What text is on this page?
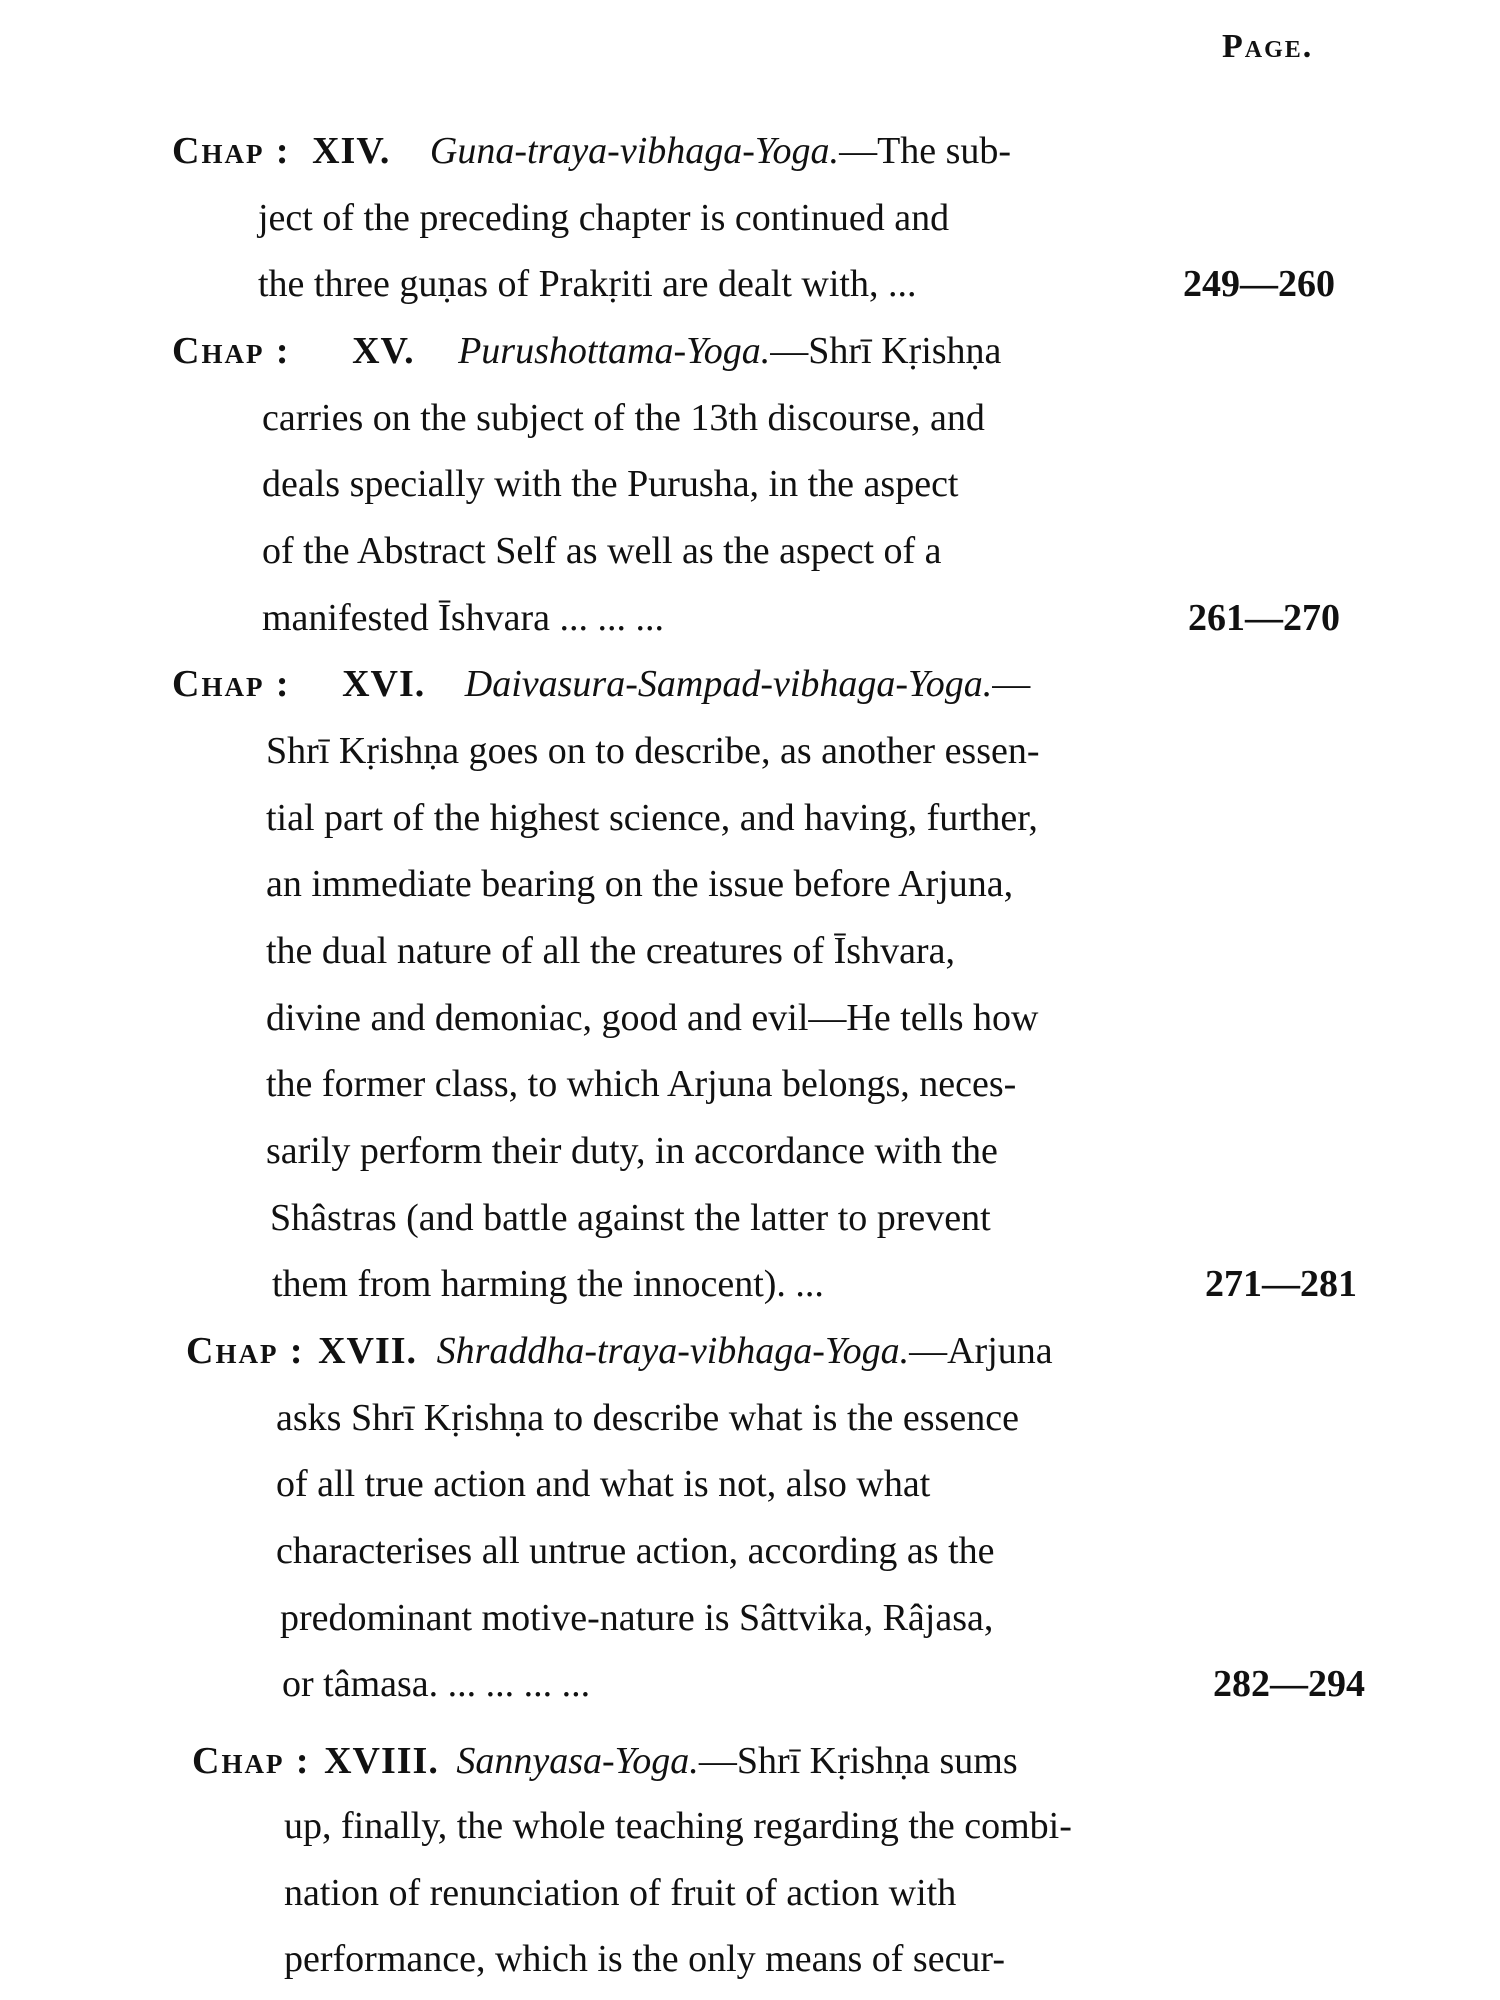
Page.
Chap : XIV. Guna-traya-vibhaga-Yoga.—The sub-
ject of the preceding chapter is continued and
the three guṇas of Prakṛiti are dealt with, ...	249—260
Chap : XV. Purushottama-Yoga.—Shrī Kṛishṇa
carries on the subject of the 13th discourse, and
deals specially with the Purusha, in the aspect
of the Abstract Self as well as the aspect of a
manifested Īshvara ... ... ...	261—270
Chap : XVI. Daivasura-Sampad-vibhaga-Yoga.—
Shrī Kṛishṇa goes on to describe, as another essen-
tial part of the highest science, and having, further,
an immediate bearing on the issue before Arjuna,
the dual nature of all the creatures of Īshvara,
divine and demoniac, good and evil—He tells how
the former class, to which Arjuna belongs, neces-
sarily perform their duty, in accordance with the
Shâstras (and battle against the latter to prevent
them from harming the innocent). ...	271—281
Chap : XVII. Shraddha-traya-vibhaga-Yoga.—Arjuna
asks Shrī Kṛishṇa to describe what is the essence
of all true action and what is not, also what
characterises all untrue action, according as the
predominant motive-nature is Sâttvika, Râjasa,
or tâmasa. ... ... ... ...	282—294
Chap : XVIII. Sannyasa-Yoga.—Shrī Kṛishṇa sums
up, finally, the whole teaching regarding the combi-
nation of renunciation of fruit of action with
performance, which is the only means of secur-
